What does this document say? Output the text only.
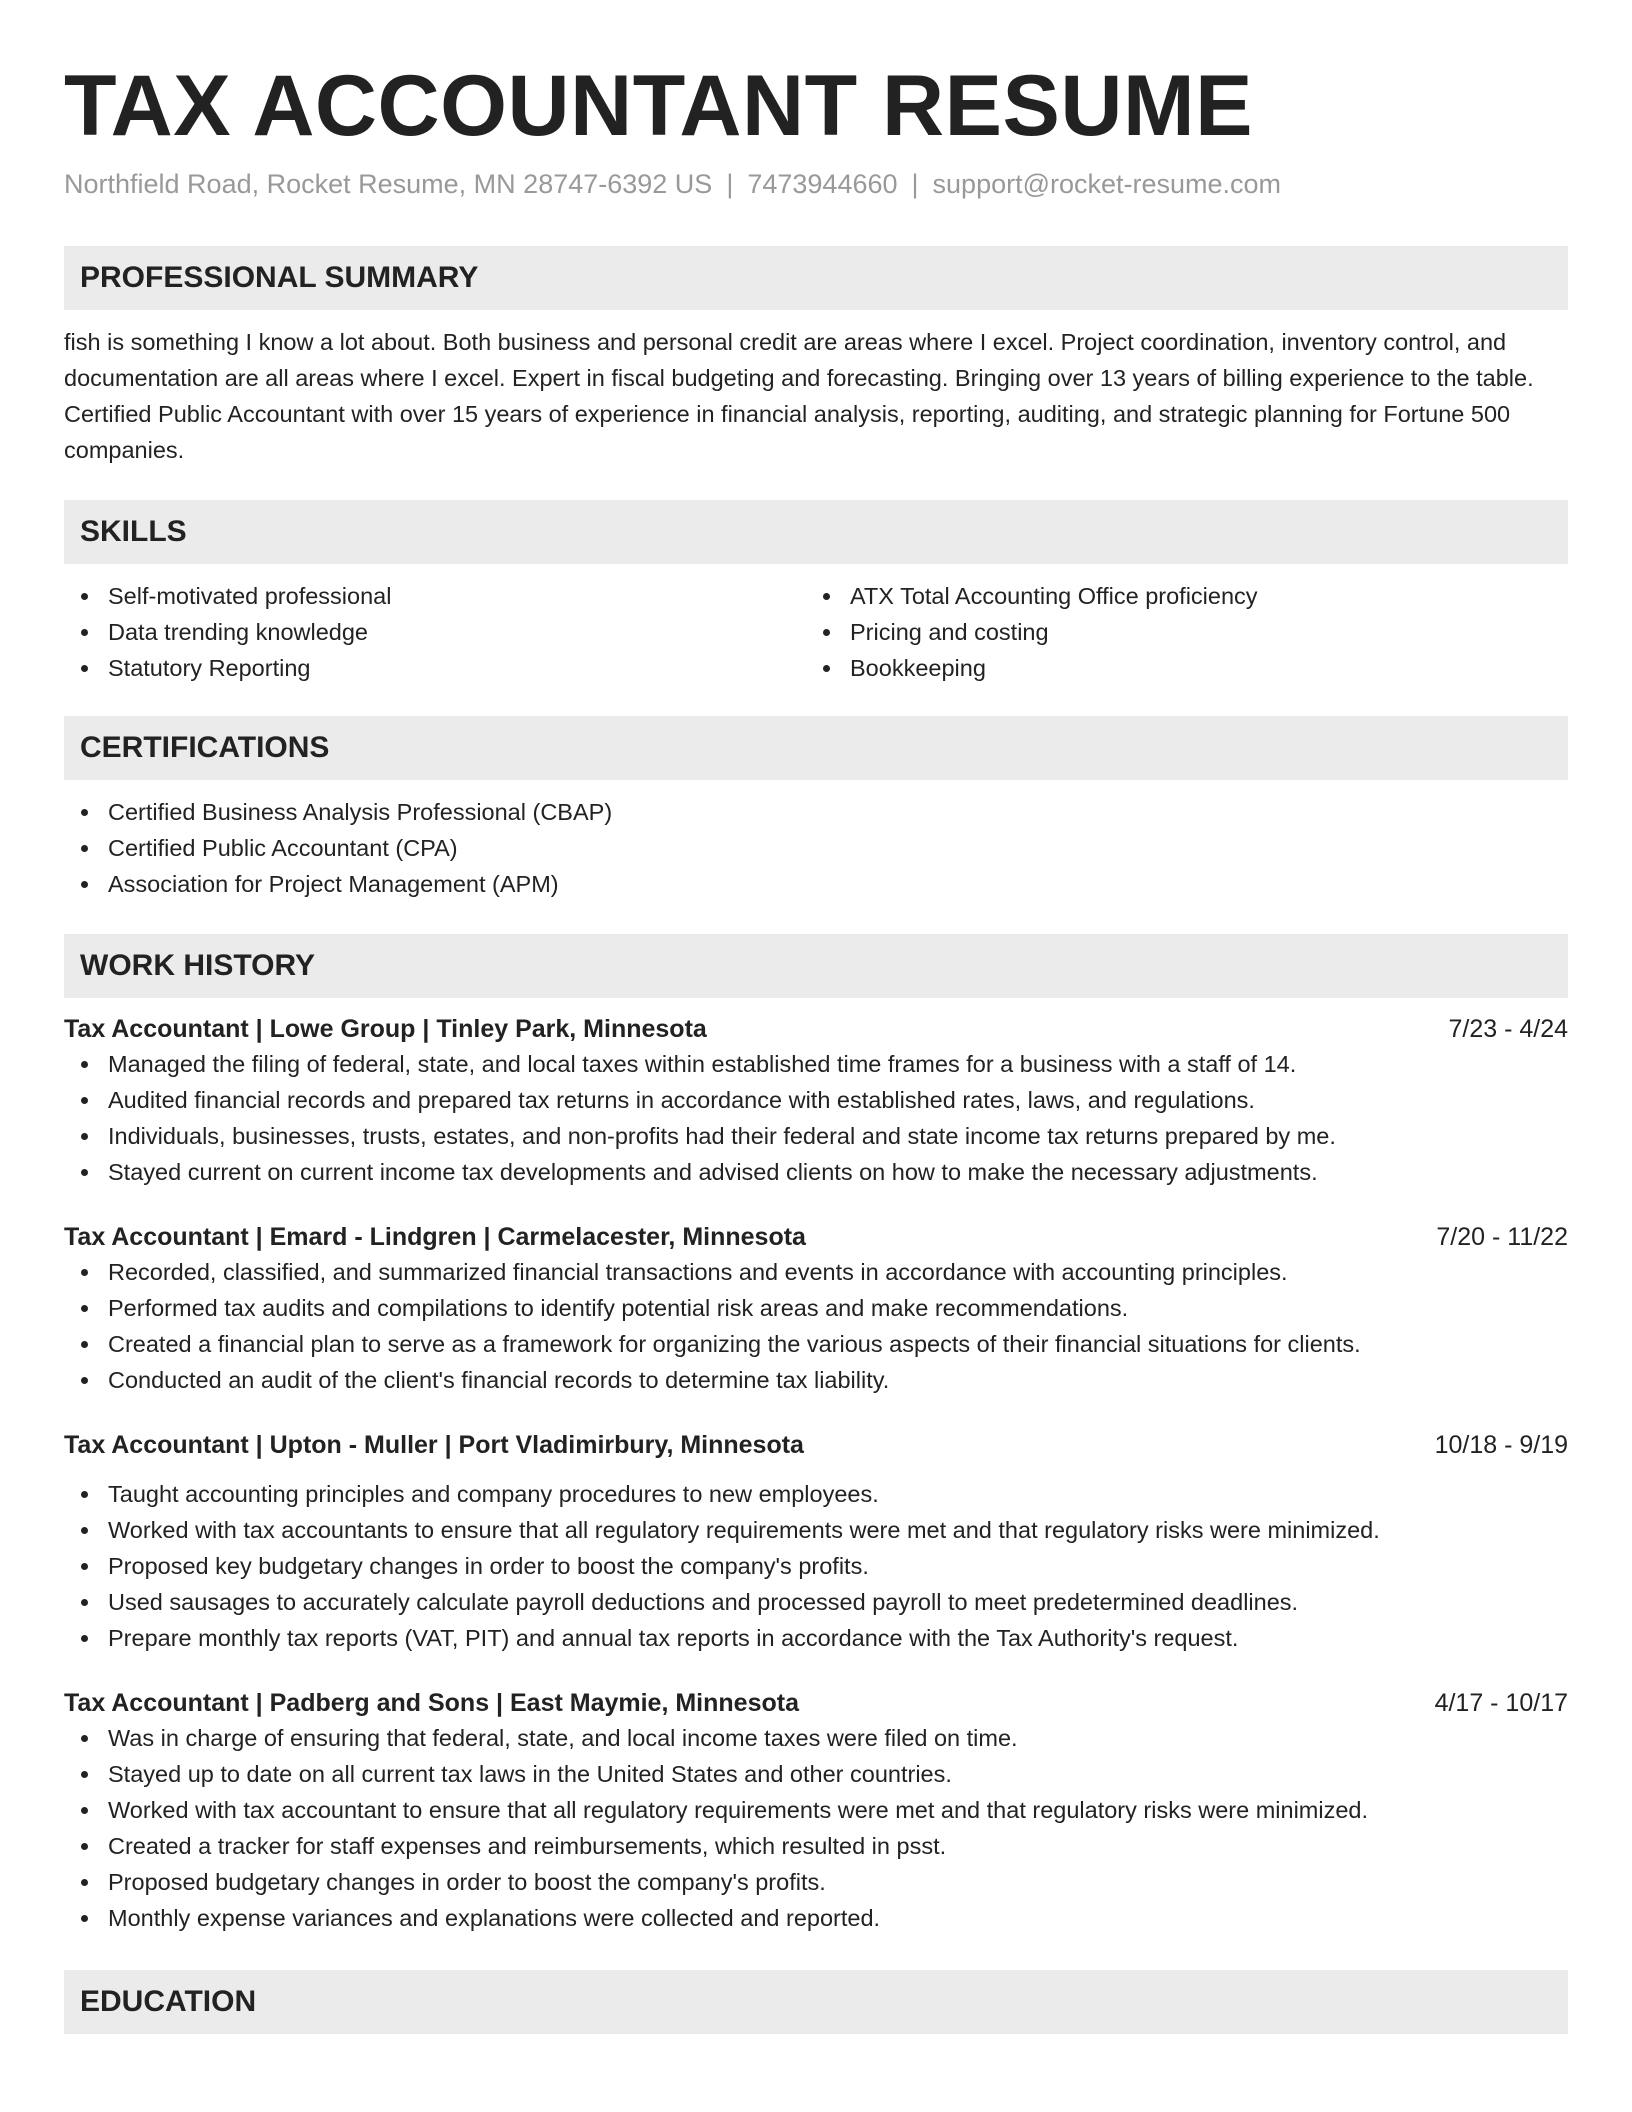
TAX ACCOUNTANT RESUME
Northfield Road, Rocket Resume, MN 28747-6392 US | 7473944660 | support@rocket-resume.com
PROFESSIONAL SUMMARY
fish is something I know a lot about. Both business and personal credit are areas where I excel. Project coordination, inventory control, and documentation are all areas where I excel. Expert in fiscal budgeting and forecasting. Bringing over 13 years of billing experience to the table. Certified Public Accountant with over 15 years of experience in financial analysis, reporting, auditing, and strategic planning for Fortune 500 companies.
SKILLS
Self-motivated professional
Data trending knowledge
Statutory Reporting
ATX Total Accounting Office proficiency
Pricing and costing
Bookkeeping
CERTIFICATIONS
Certified Business Analysis Professional (CBAP)
Certified Public Accountant (CPA)
Association for Project Management (APM)
WORK HISTORY
Tax Accountant | Lowe Group | Tinley Park, Minnesota	7/23 - 4/24
Managed the filing of federal, state, and local taxes within established time frames for a business with a staff of 14.
Audited financial records and prepared tax returns in accordance with established rates, laws, and regulations.
Individuals, businesses, trusts, estates, and non-profits had their federal and state income tax returns prepared by me.
Stayed current on current income tax developments and advised clients on how to make the necessary adjustments.
Tax Accountant | Emard - Lindgren | Carmelacester, Minnesota	7/20 - 11/22
Recorded, classified, and summarized financial transactions and events in accordance with accounting principles.
Performed tax audits and compilations to identify potential risk areas and make recommendations.
Created a financial plan to serve as a framework for organizing the various aspects of their financial situations for clients.
Conducted an audit of the client's financial records to determine tax liability.
Tax Accountant | Upton - Muller | Port Vladimirbury, Minnesota	10/18 - 9/19
Taught accounting principles and company procedures to new employees.
Worked with tax accountants to ensure that all regulatory requirements were met and that regulatory risks were minimized.
Proposed key budgetary changes in order to boost the company's profits.
Used sausages to accurately calculate payroll deductions and processed payroll to meet predetermined deadlines.
Prepare monthly tax reports (VAT, PIT) and annual tax reports in accordance with the Tax Authority's request.
Tax Accountant | Padberg and Sons | East Maymie, Minnesota	4/17 - 10/17
Was in charge of ensuring that federal, state, and local income taxes were filed on time.
Stayed up to date on all current tax laws in the United States and other countries.
Worked with tax accountant to ensure that all regulatory requirements were met and that regulatory risks were minimized.
Created a tracker for staff expenses and reimbursements, which resulted in psst.
Proposed budgetary changes in order to boost the company's profits.
Monthly expense variances and explanations were collected and reported.
EDUCATION
